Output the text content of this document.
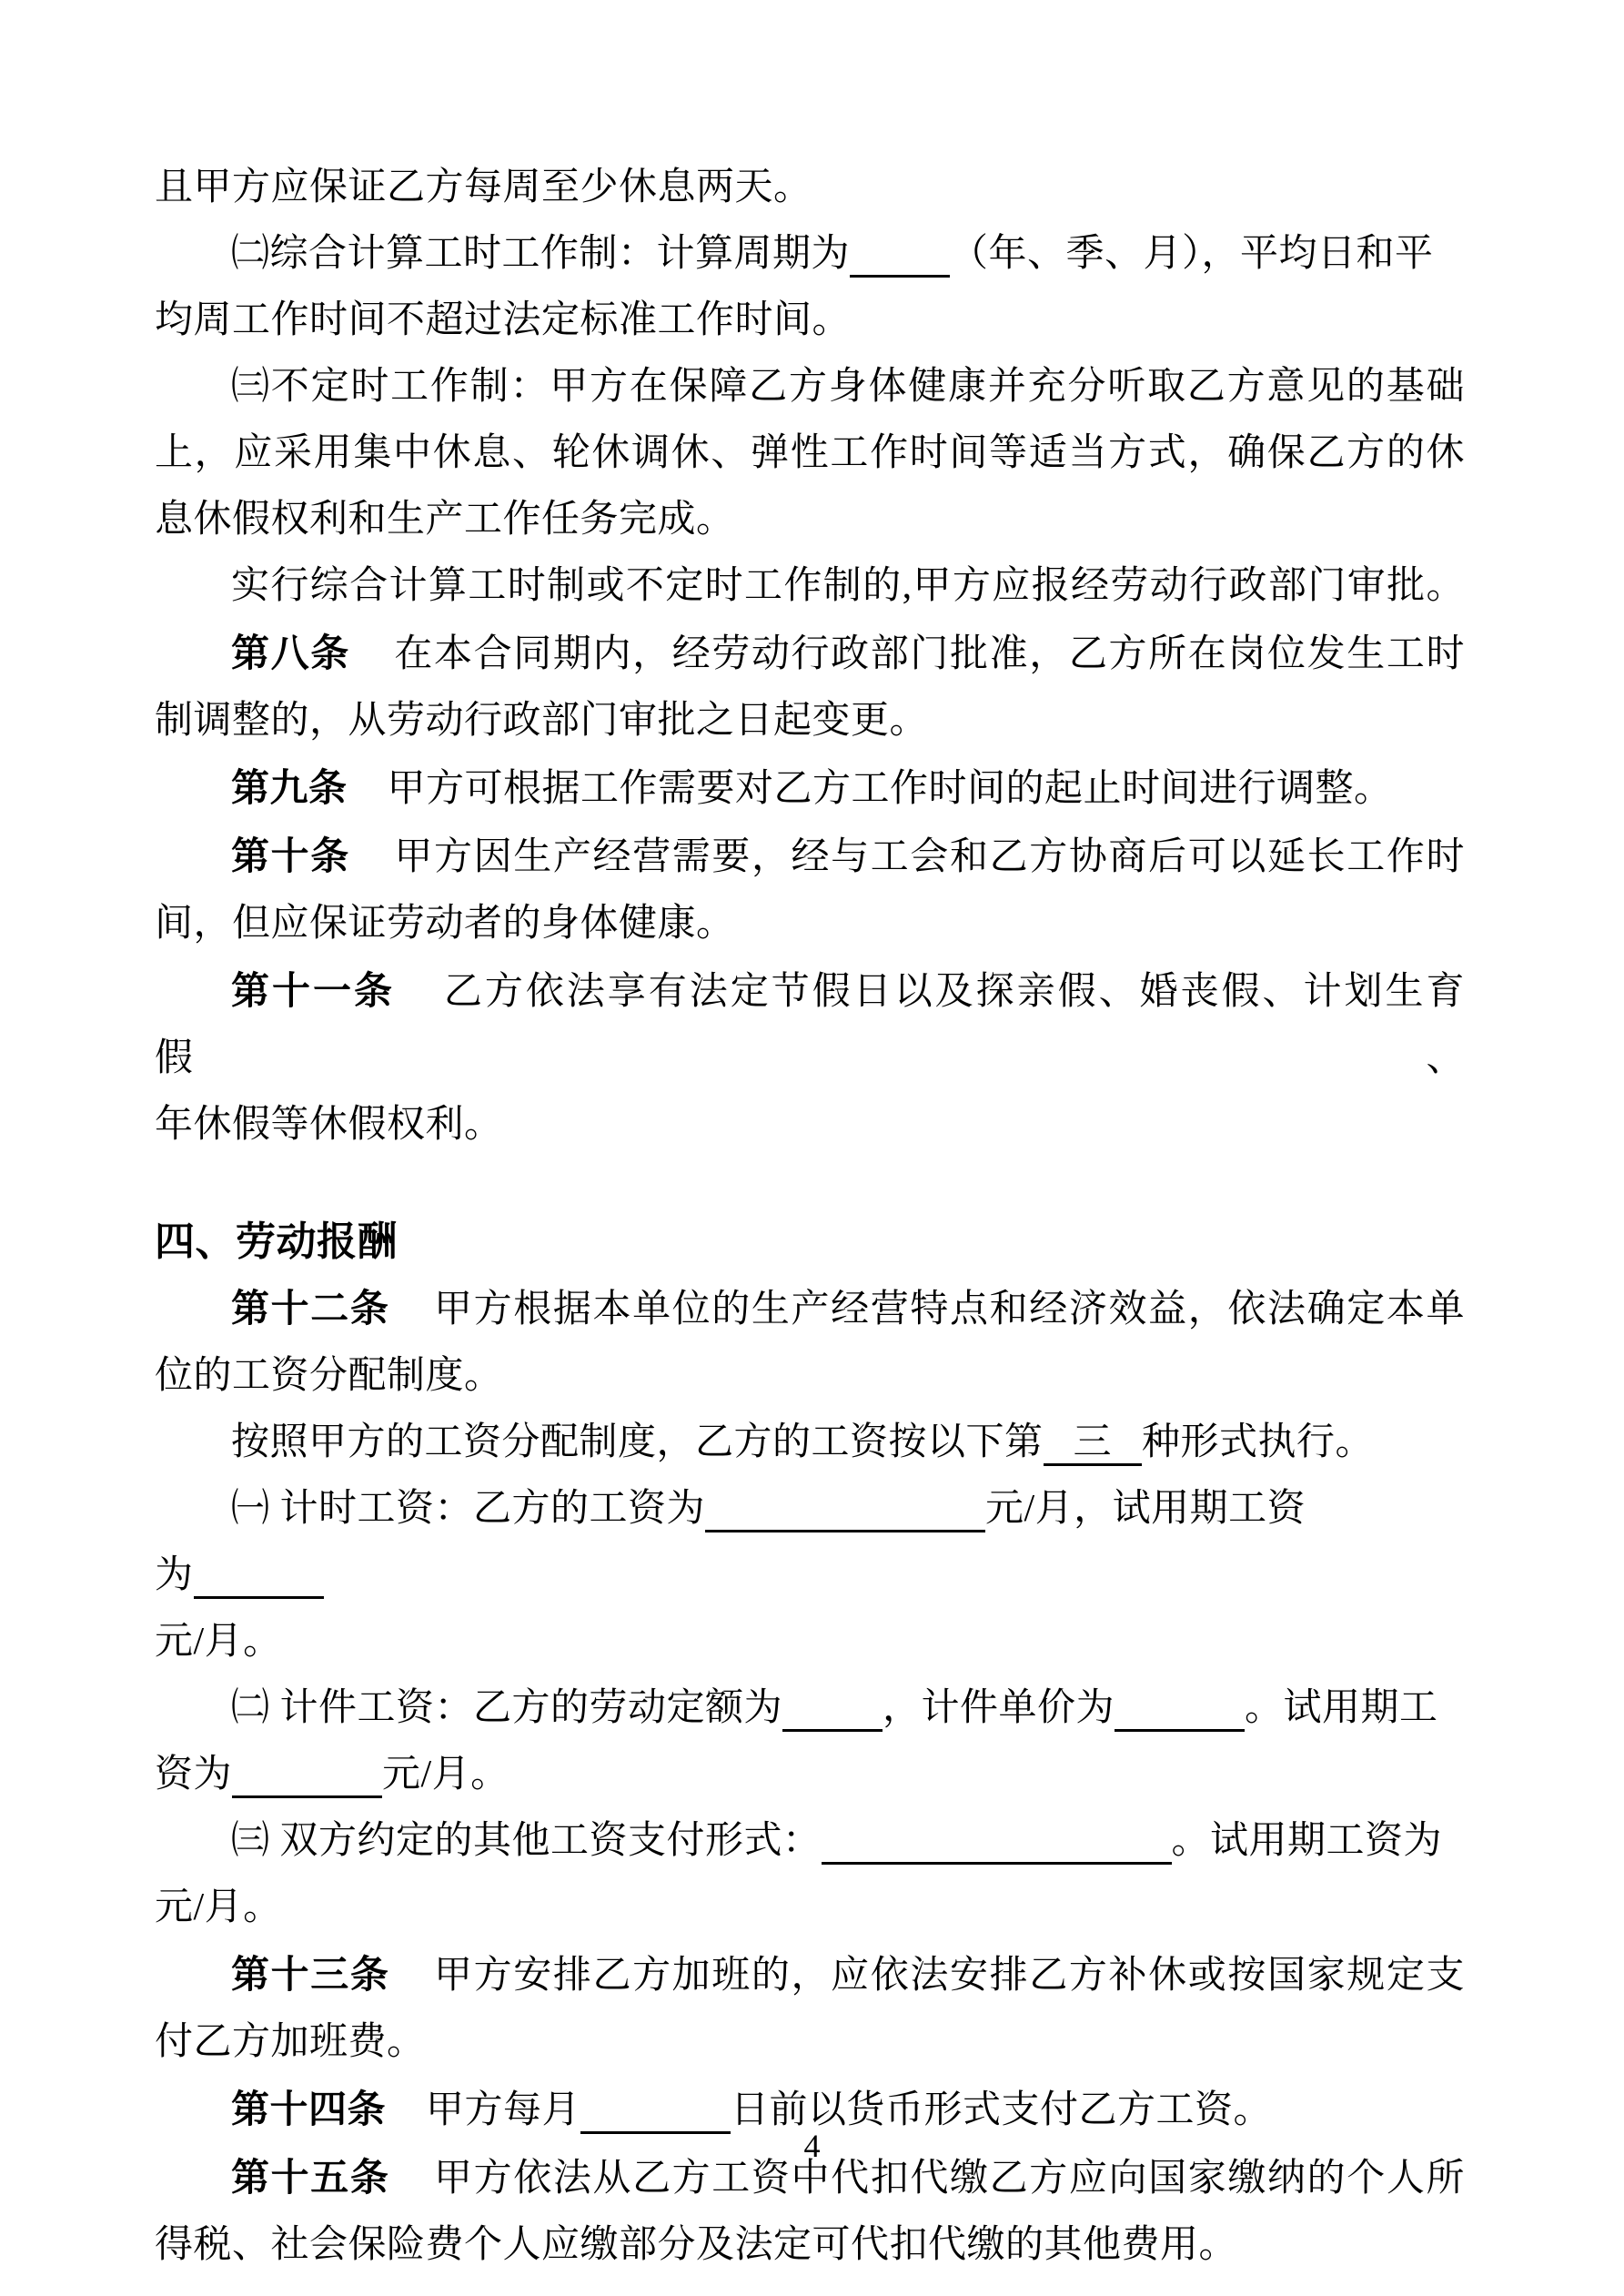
且甲方应保证乙方每周至少休息两天。
㈡综合计算工时工作制：计算周期为	（年、季、月），平均日和平
均周工作时间不超过法定标准工作时间。
㈢不定时工作制：甲方在保障乙方身体健康并充分听取乙方意见的基础
上，应采用集中休息、轮休调休、弹性工作时间等适当方式，确保乙方的休
息休假权利和生产工作任务完成。
实行综合计算工时制或不定时工作制的,甲方应报经劳动行政部门审批。
第八条    在本合同期内，经劳动行政部门批准，乙方所在岗位发生工时
制调整的，从劳动行政部门审批之日起变更。
第九条    甲方可根据工作需要对乙方工作时间的起止时间进行调整。
第十条    甲方因生产经营需要，经与工会和乙方协商后可以延长工作时
间，但应保证劳动者的身体健康。
第十一条    乙方依法享有法定节假日以及探亲假、婚丧假、计划生育假、
年休假等休假权利。
四、劳动报酬
第十二条    甲方根据本单位的生产经营特点和经济效益，依法确定本单
位的工资分配制度。
按照甲方的工资分配制度，乙方的工资按以下第   三   种形式执行。
㈠ 计时工资：乙方的工资为	元/月，试用期工资为
元/月。
㈡ 计件工资：乙方的劳动定额为	，计件单价为	。试用期工
资为	元/月。
㈢ 双方约定的其他工资支付形式：	。试用期工资为
元/月。
第十三条    甲方安排乙方加班的，应依法安排乙方补休或按国家规定支
付乙方加班费。
第十四条    甲方每月	日前以货币形式支付乙方工资。
第十五条    甲方依法从乙方工资中代扣代缴乙方应向国家缴纳的个人所
得税、社会保险费个人应缴部分及法定可代扣代缴的其他费用。
4
